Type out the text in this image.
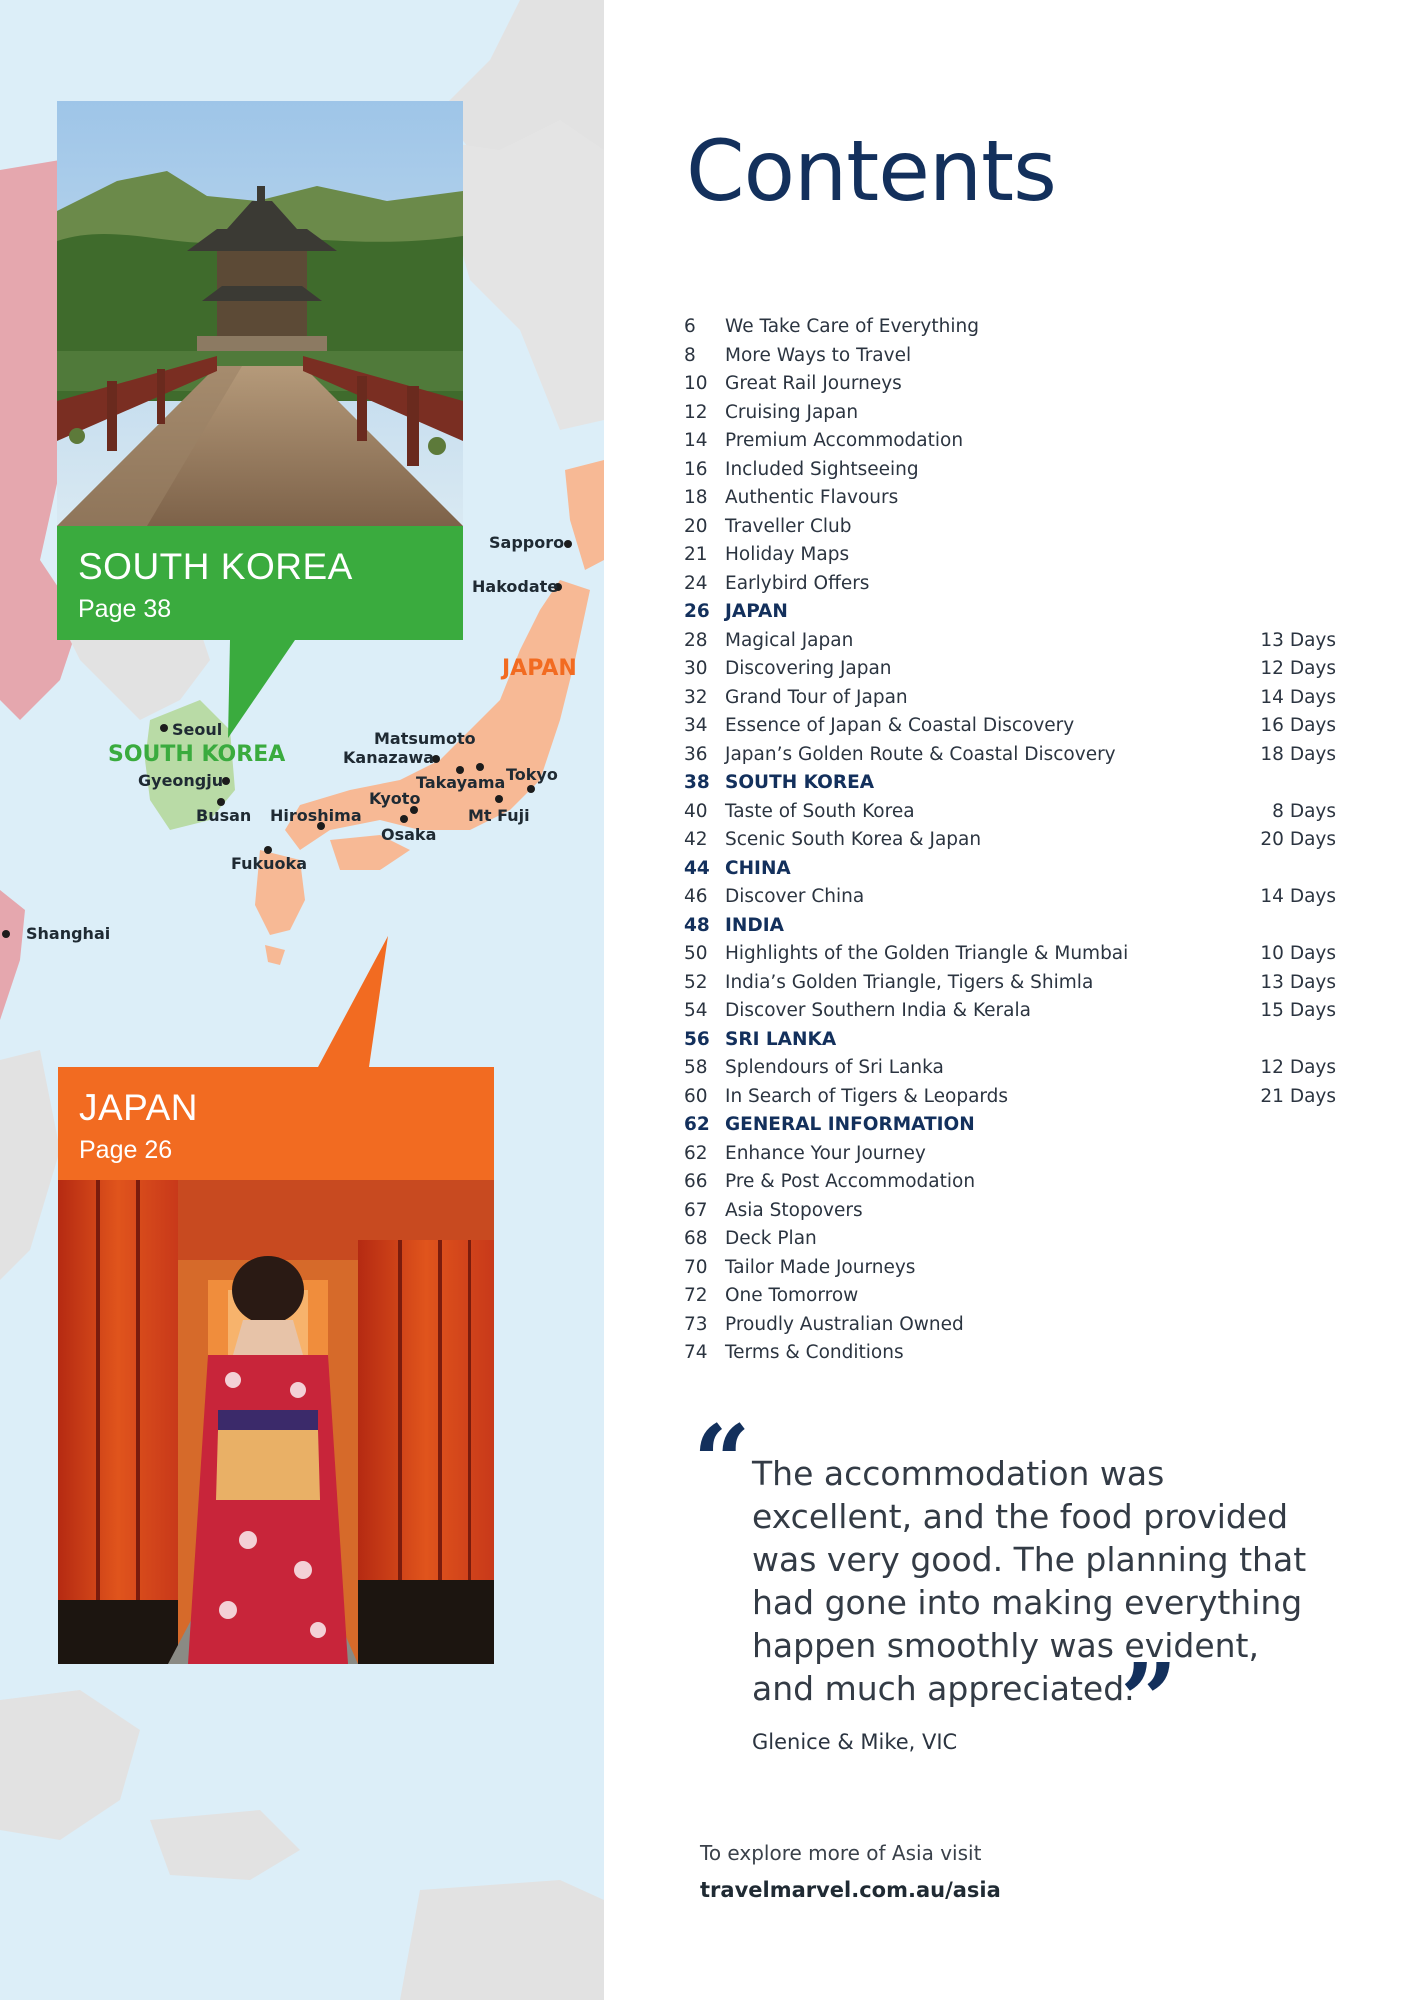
Sapporo
Hakodate
Seoul
Gyeongju
Busan Hiroshima
Fukuoka
Matsumoto
Kanazawa
Takayama Tokyo
Kyoto
Mt Fuji
Osaka
Shanghai
JAPAN
SOUTH KOREA
SOUTH KOREA
Page 38
JAPAN
Page 26
Contents
6	We Take Care of Everything
8	More Ways to Travel
10 Great Rail Journeys
12 Cruising Japan
14 Premium Accommodation
16 Included Sightseeing
18 Authentic Flavours
20 Traveller Club
21 Holiday Maps
24 Earlybird Offers
26 JAPAN
28 Magical Japan	13 Days
30 Discovering Japan	12 Days
32 Grand Tour of Japan	14 Days
34 Essence of Japan & Coastal Discovery	16 Days
36 Japan’s Golden Route & Coastal Discovery	18 Days
38 SOUTH KOREA
40 Taste of South Korea	8 Days
42 Scenic South Korea & Japan	20 Days
44 CHINA
46 Discover China	14 Days
48 INDIA
50 Highlights of the Golden Triangle & Mumbai	10 Days
52 India’s Golden Triangle, Tigers & Shimla	13 Days
54 Discover Southern India & Kerala	15 Days
56 SRI LANKA
58 Splendours of Sri Lanka	12 Days
60 In Search of Tigers & Leopards	21 Days
62 GENERAL INFORMATION
62 Enhance Your Journey
66 Pre & Post Accommodation
67 Asia Stopovers
68 Deck Plan
70 Tailor Made Journeys
72 One Tomorrow
73 Proudly Australian Owned
74 Terms & Conditions
“ The accommodation was excellent, and the food provided was very good. The planning that had gone into making everything happen smoothly was evident, and much appreciated.

”
Glenice & Mike, VIC
To explore more of Asia visit
travelmarvel.com.au/asia
